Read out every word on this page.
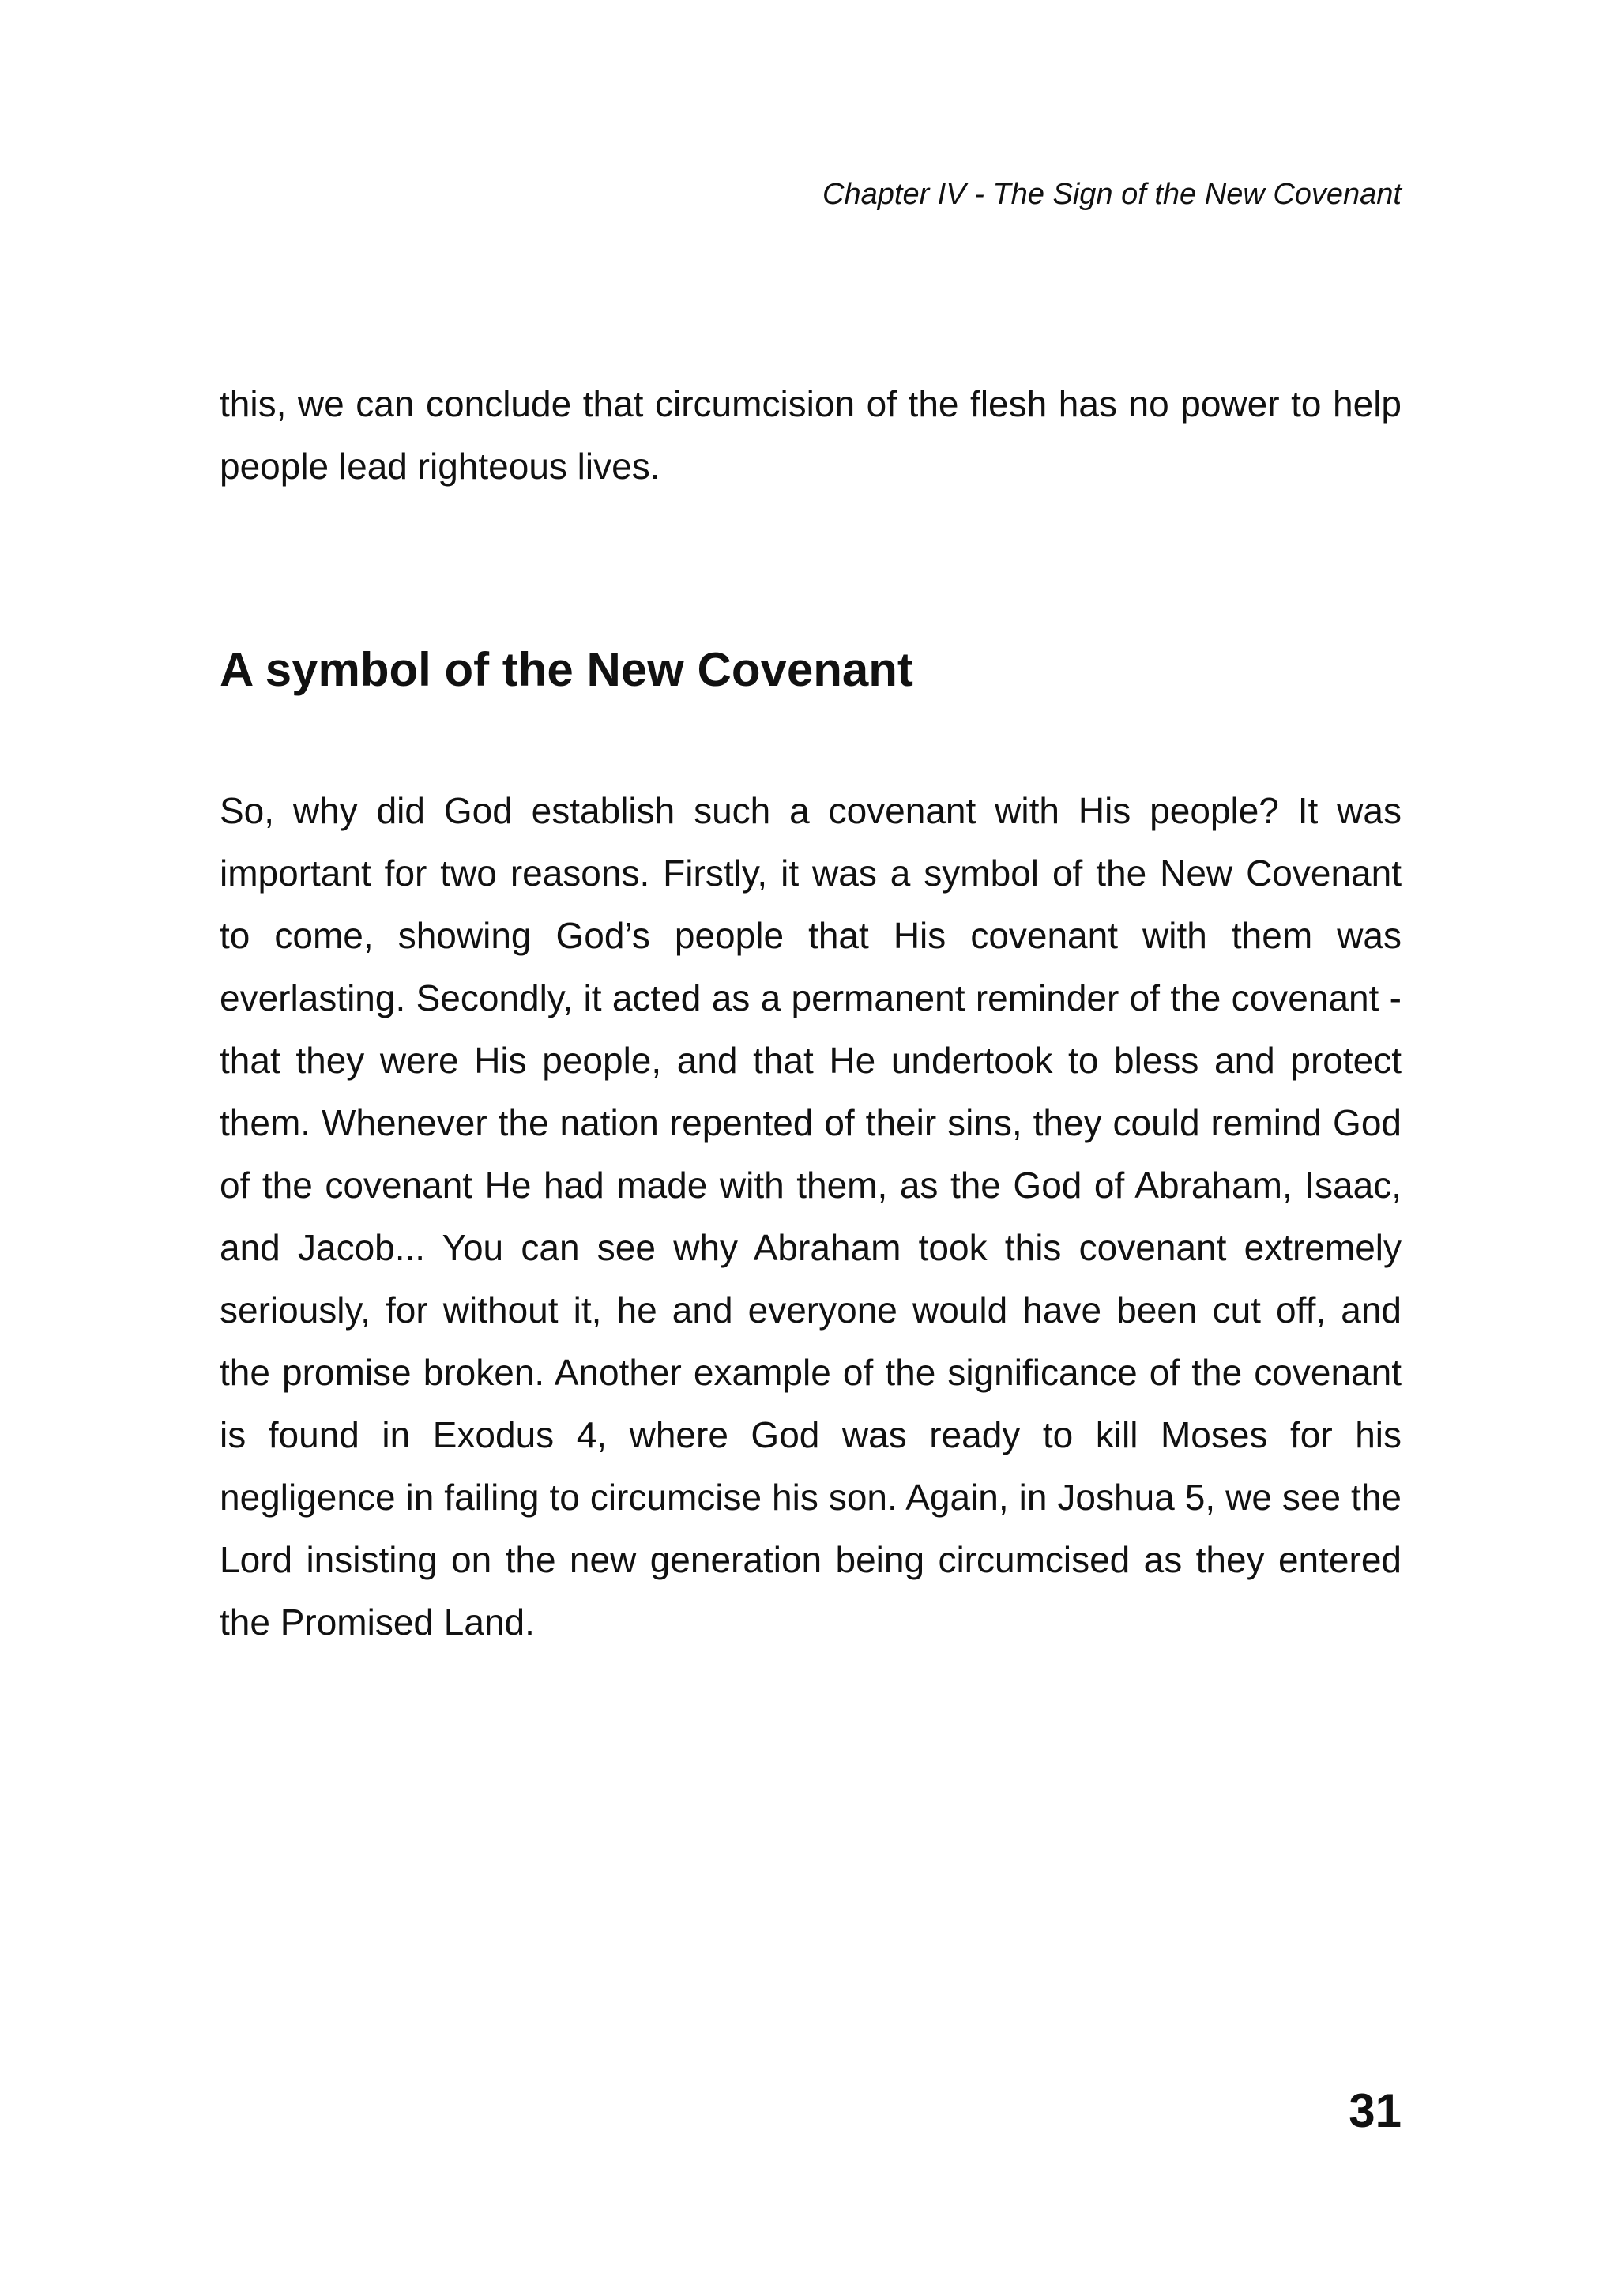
Chapter IV - The Sign of the New Covenant

this, we can conclude that circumcision of the flesh has no power to help people lead righteous lives.

A symbol of the New Covenant

So, why did God establish such a covenant with His people? It was important for two reasons. Firstly, it was a symbol of the New Covenant to come, showing God’s people that His covenant with them was everlasting. Secondly, it acted as a permanent reminder of the covenant - that they were His people, and that He undertook to bless and protect them. Whenever the nation repented of their sins, they could remind God of the covenant He had made with them, as the God of Abraham, Isaac, and Jacob... You can see why Abraham took this covenant extremely seriously, for without it, he and everyone would have been cut off, and the promise broken. Another example of the significance of the covenant is found in Exodus 4, where God was ready to kill Moses for his negligence in failing to circumcise his son. Again, in Joshua 5, we see the Lord insisting on the new generation being circumcised as they entered the Promised Land.

31
